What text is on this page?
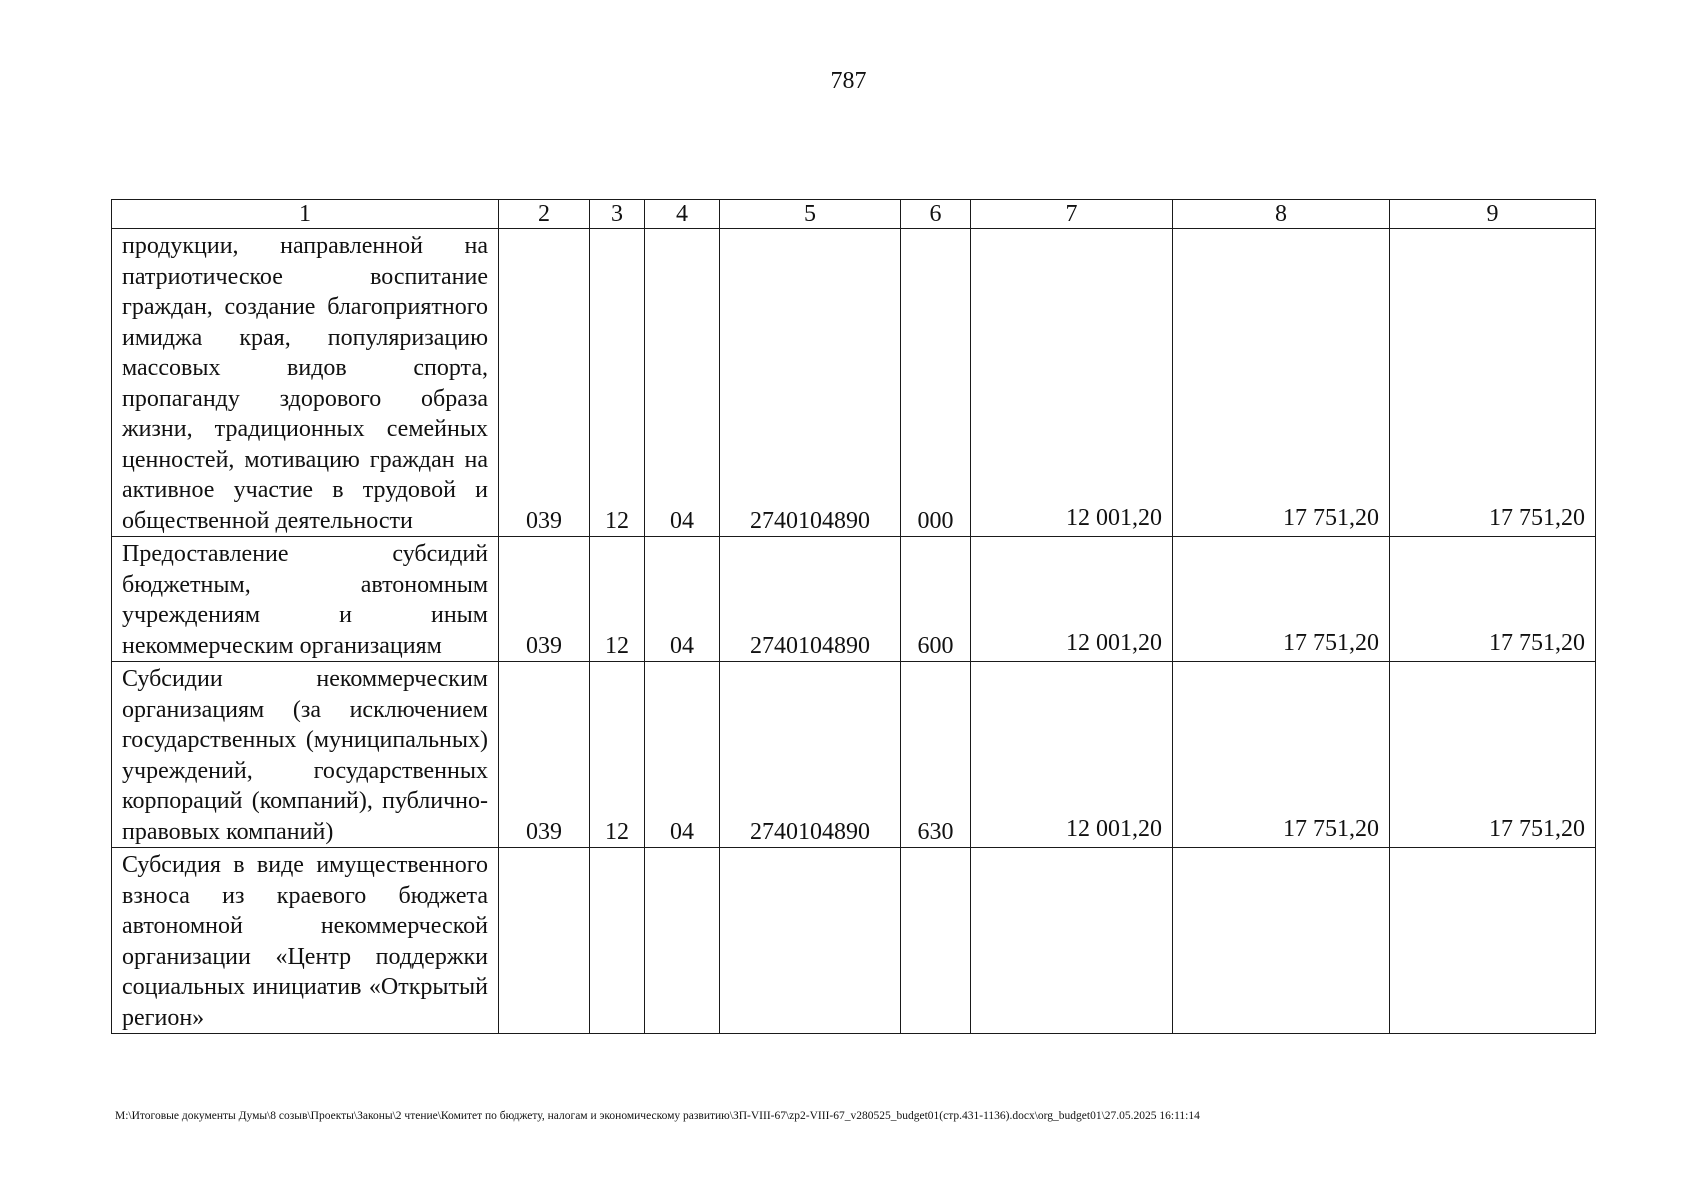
787
1	2	3	4	5	6	7	8	9
продукции, направленной на патриотическое воспитание граждан, создание благоприятного имиджа края, популяризацию массовых видов спорта, пропаганду здорового образа жизни, традиционных семейных ценностей, мотивацию граждан на активное участие в трудовой и общественной деятельности	039	12	04	2740104890	000	12 001,20	17 751,20	17 751,20
Предоставление субсидий бюджетным, автономным учреждениям и иным некоммерческим организациям	039	12	04	2740104890	600	12 001,20	17 751,20	17 751,20
Субсидии некоммерческим организациям (за исключением государственных (муниципальных) учреждений, государственных корпораций (компаний), публично-правовых компаний)	039	12	04	2740104890	630	12 001,20	17 751,20	17 751,20
Субсидия в виде имущественного взноса из краевого бюджета автономной некоммерческой организации «Центр поддержки социальных инициатив «Открытый регион»								
M:\Итоговые документы Думы\8 созыв\Проекты\Законы\2 чтение\Комитет по бюджету, налогам и экономическому развитию\ЗП-VIII-67\zp2-VIII-67_v280525_budget01(стр.431-1136).docx\org_budget01\27.05.2025 16:11:14
